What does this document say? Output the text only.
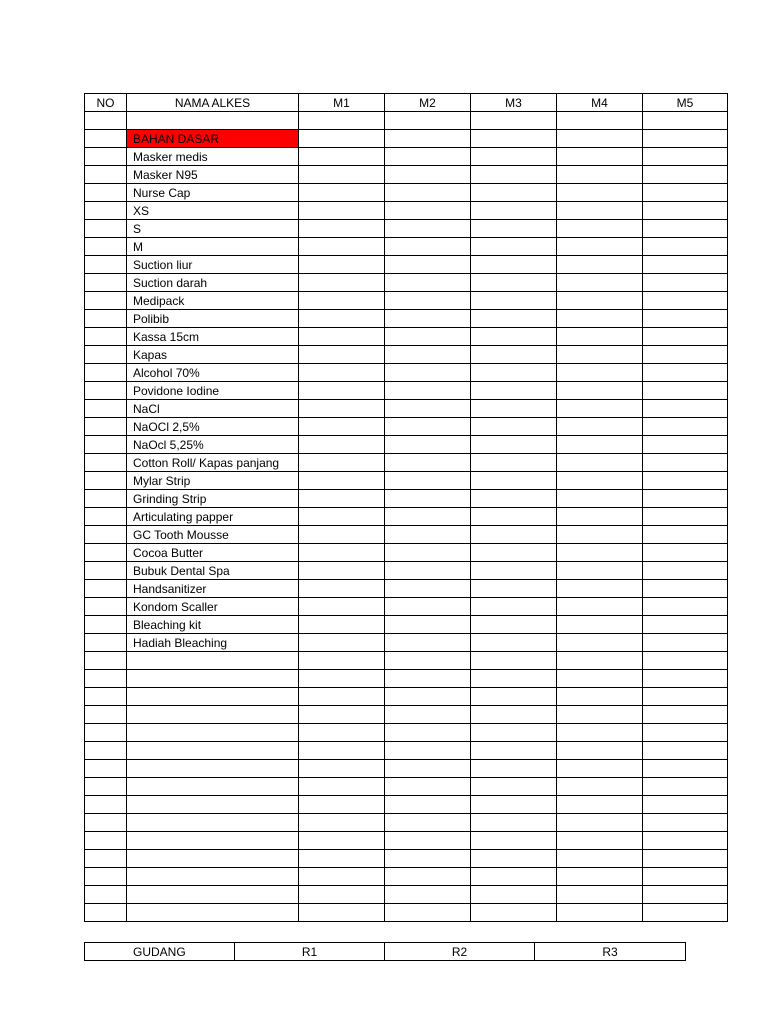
NO	NAMA ALKES	M1	M2	M3	M4	M5

	BAHAN DASAR					
	Masker medis					
	Masker N95					
	Nurse Cap					
	XS					
	S					
	M					
	Suction liur					
	Suction darah					
	Medipack					
	Polibib					
	Kassa 15cm					
	Kapas					
	Alcohol 70%					
	Povidone Iodine					
	NaCl					
	NaOCl 2,5%					
	NaOcl 5,25%					
	Cotton Roll/ Kapas panjang					
	Mylar Strip					
	Grinding Strip					
	Articulating papper					
	GC Tooth Mousse					
	Cocoa Butter					
	Bubuk Dental Spa					
	Handsanitizer					
	Kondom Scaller					
	Bleaching kit					
	Hadiah Bleaching					

GUDANG	R1	R2	R3
